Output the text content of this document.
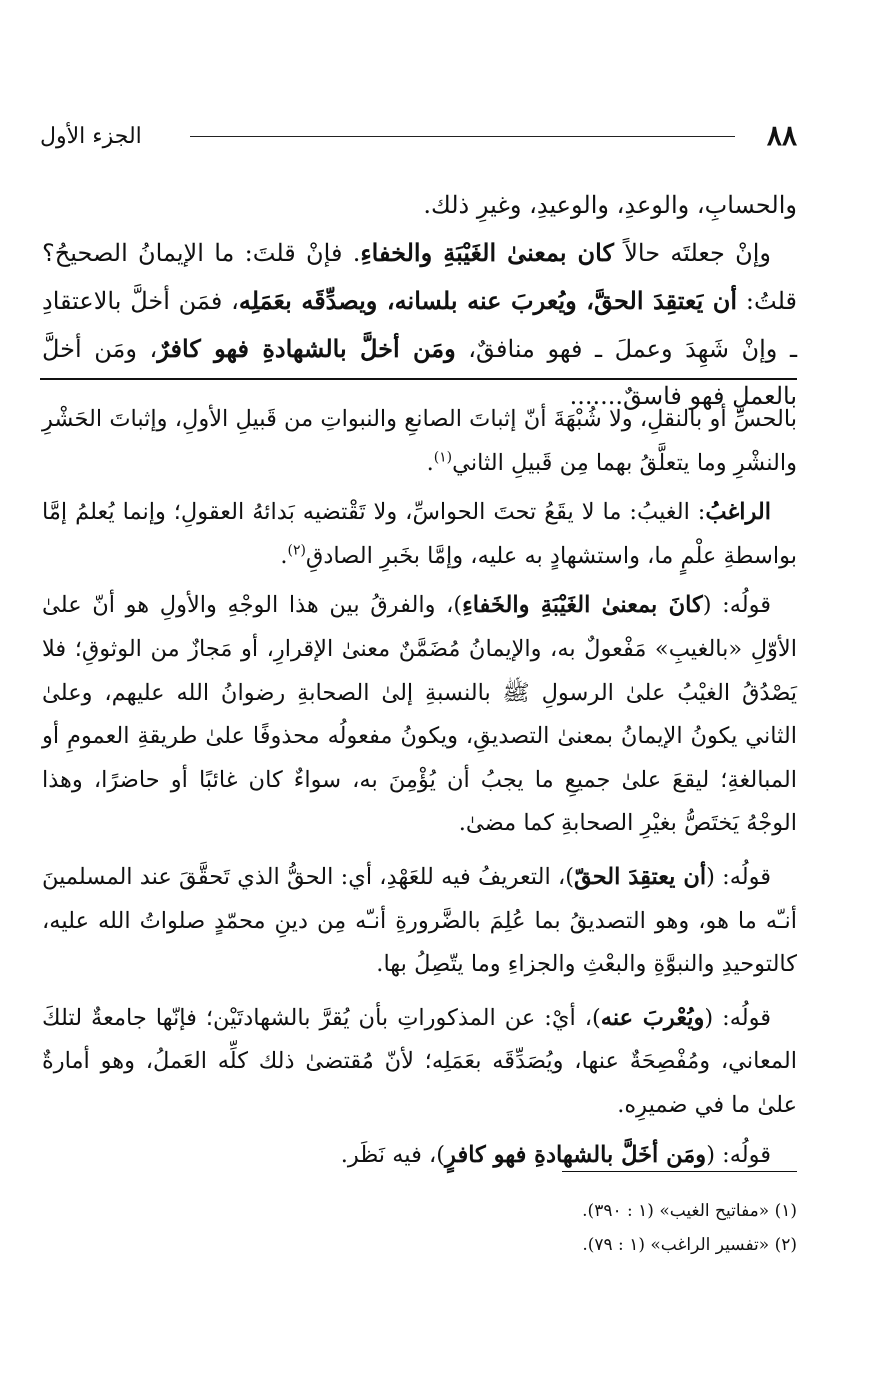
٨٨
الجزء الأول

والحسابِ، والوعدِ، والوعيدِ، وغيرِ ذلك.

وإنْ جعلتَه حالاً كان بمعنىٰ الغَيْبَةِ والخفاءِ. فإنْ قلتَ: ما الإيمانُ الصحيحُ؟ قلتُ: أن يَعتقِدَ الحقَّ، ويُعربَ عنه بلسانه، ويصدِّقَه بعَمَلِه، فمَن أخلَّ بالاعتقادِ ـ وإنْ شَهِدَ وعملَ ـ فهو منافقٌ، ومَن أخلَّ بالشهادةِ فهو كافرٌ، ومَن أخلَّ بالعملِ فهو فاسقٌ.......

بالحسِّ أو بالنقلِ، ولا شُبْهَةَ أنّ إثباتَ الصانعِ والنبواتِ من قَبيلِ الأولِ، وإثباتَ الحَشْرِ والنشْرِ وما يتعلَّقُ بهما مِن قَبيلِ الثاني$^{(١)}$.

الراغبُ: الغيبُ: ما لا يقَعُ تحتَ الحواسِّ، ولا تَقْتضيه بَدائهُ العقولِ؛ وإنما يُعلمُ إمَّا بواسطةِ علْمٍ ما، واستشهادٍ به عليه، وإمَّا بخَبرِ الصادقِ$^{(٢)}$.

قولُه: (كانَ بمعنىٰ الغَيْبَةِ والخَفاءِ)، والفرقُ بين هذا الوجْهِ والأولِ هو أنّ علىٰ الأوّلِ «بالغيبِ» مَفْعولٌ به، والإيمانُ مُضَمَّنٌ معنىٰ الإقرارِ، أو مَجازٌ من الوثوقِ؛ فلا يَصْدُقُ الغيْبُ علىٰ الرسولِ ﷺ بالنسبةِ إلىٰ الصحابةِ رضوانُ الله عليهم، وعلىٰ الثاني يكونُ الإيمانُ بمعنىٰ التصديقِ، ويكونُ مفعولُه محذوفًا علىٰ طريقةِ العمومِ أو المبالغةِ؛ ليقعَ علىٰ جميعِ ما يجبُ أن يُؤْمِنَ به، سواءٌ كان غائبًا أو حاضرًا، وهذا الوجْهُ يَختَصُّ بغيْرِ الصحابةِ كما مضىٰ.

قولُه: (أن يعتقِدَ الحقّ)، التعريفُ فيه للعَهْدِ، أي: الحقُّ الذي تَحقَّقَ عند المسلمينَ أنـّه ما هو، وهو التصديقُ بما عُلِمَ بالضَّرورةِ أنـّه مِن دينِ محمّدٍ صلواتُ الله عليه، كالتوحيدِ والنبوَّةِ والبعْثِ والجزاءِ وما يتّصِلُ بها.

قولُه: (ويُعْربَ عنه)، أيْ: عن المذكوراتِ بأن يُقرَّ بالشهادتَيْن؛ فإنّها جامعةٌ لتلكَ المعاني، ومُفْصِحَةٌ عنها، ويُصَدِّقَه بعَمَلِه؛ لأنّ مُقتضىٰ ذلك كلِّه العَملُ، وهو أمارةٌ علىٰ ما في ضميرِه.

قولُه: (ومَن أخَلَّ بالشهادةِ فهو كافرٍ)، فيه نَظَر.

(١) «مفاتيح الغيب» (١ : ٣٩٠).
(٢) «تفسير الراغب» (١ : ٧٩).
